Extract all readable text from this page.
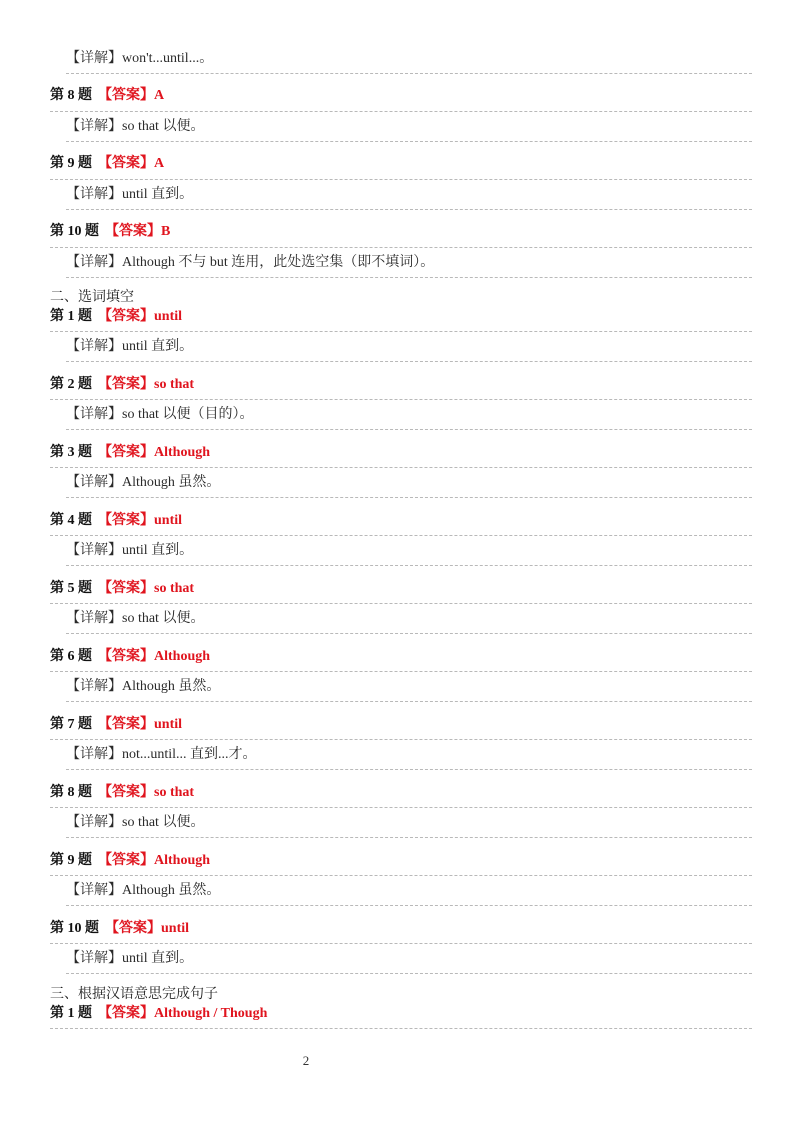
【详解】won't...until...。
第 8 题 【答案】A
【详解】so that 以便。
第 9 题 【答案】A
【详解】until 直到。
第 10 题 【答案】B
【详解】Although 不与 but 连用，此处选空集（即不填词）。
二、选词填空
第 1 题 【答案】until
【详解】until 直到。
第 2 题 【答案】so that
【详解】so that 以便（目的）。
第 3 题 【答案】Although
【详解】Although 虽然。
第 4 题 【答案】until
【详解】until 直到。
第 5 题 【答案】so that
【详解】so that 以便。
第 6 题 【答案】Although
【详解】Although 虽然。
第 7 题 【答案】until
【详解】not...until... 直到...才。
第 8 题 【答案】so that
【详解】so that 以便。
第 9 题 【答案】Although
【详解】Although 虽然。
第 10 题 【答案】until
【详解】until 直到。
三、根据汉语意思完成句子
第 1 题 【答案】Although / Though
2
